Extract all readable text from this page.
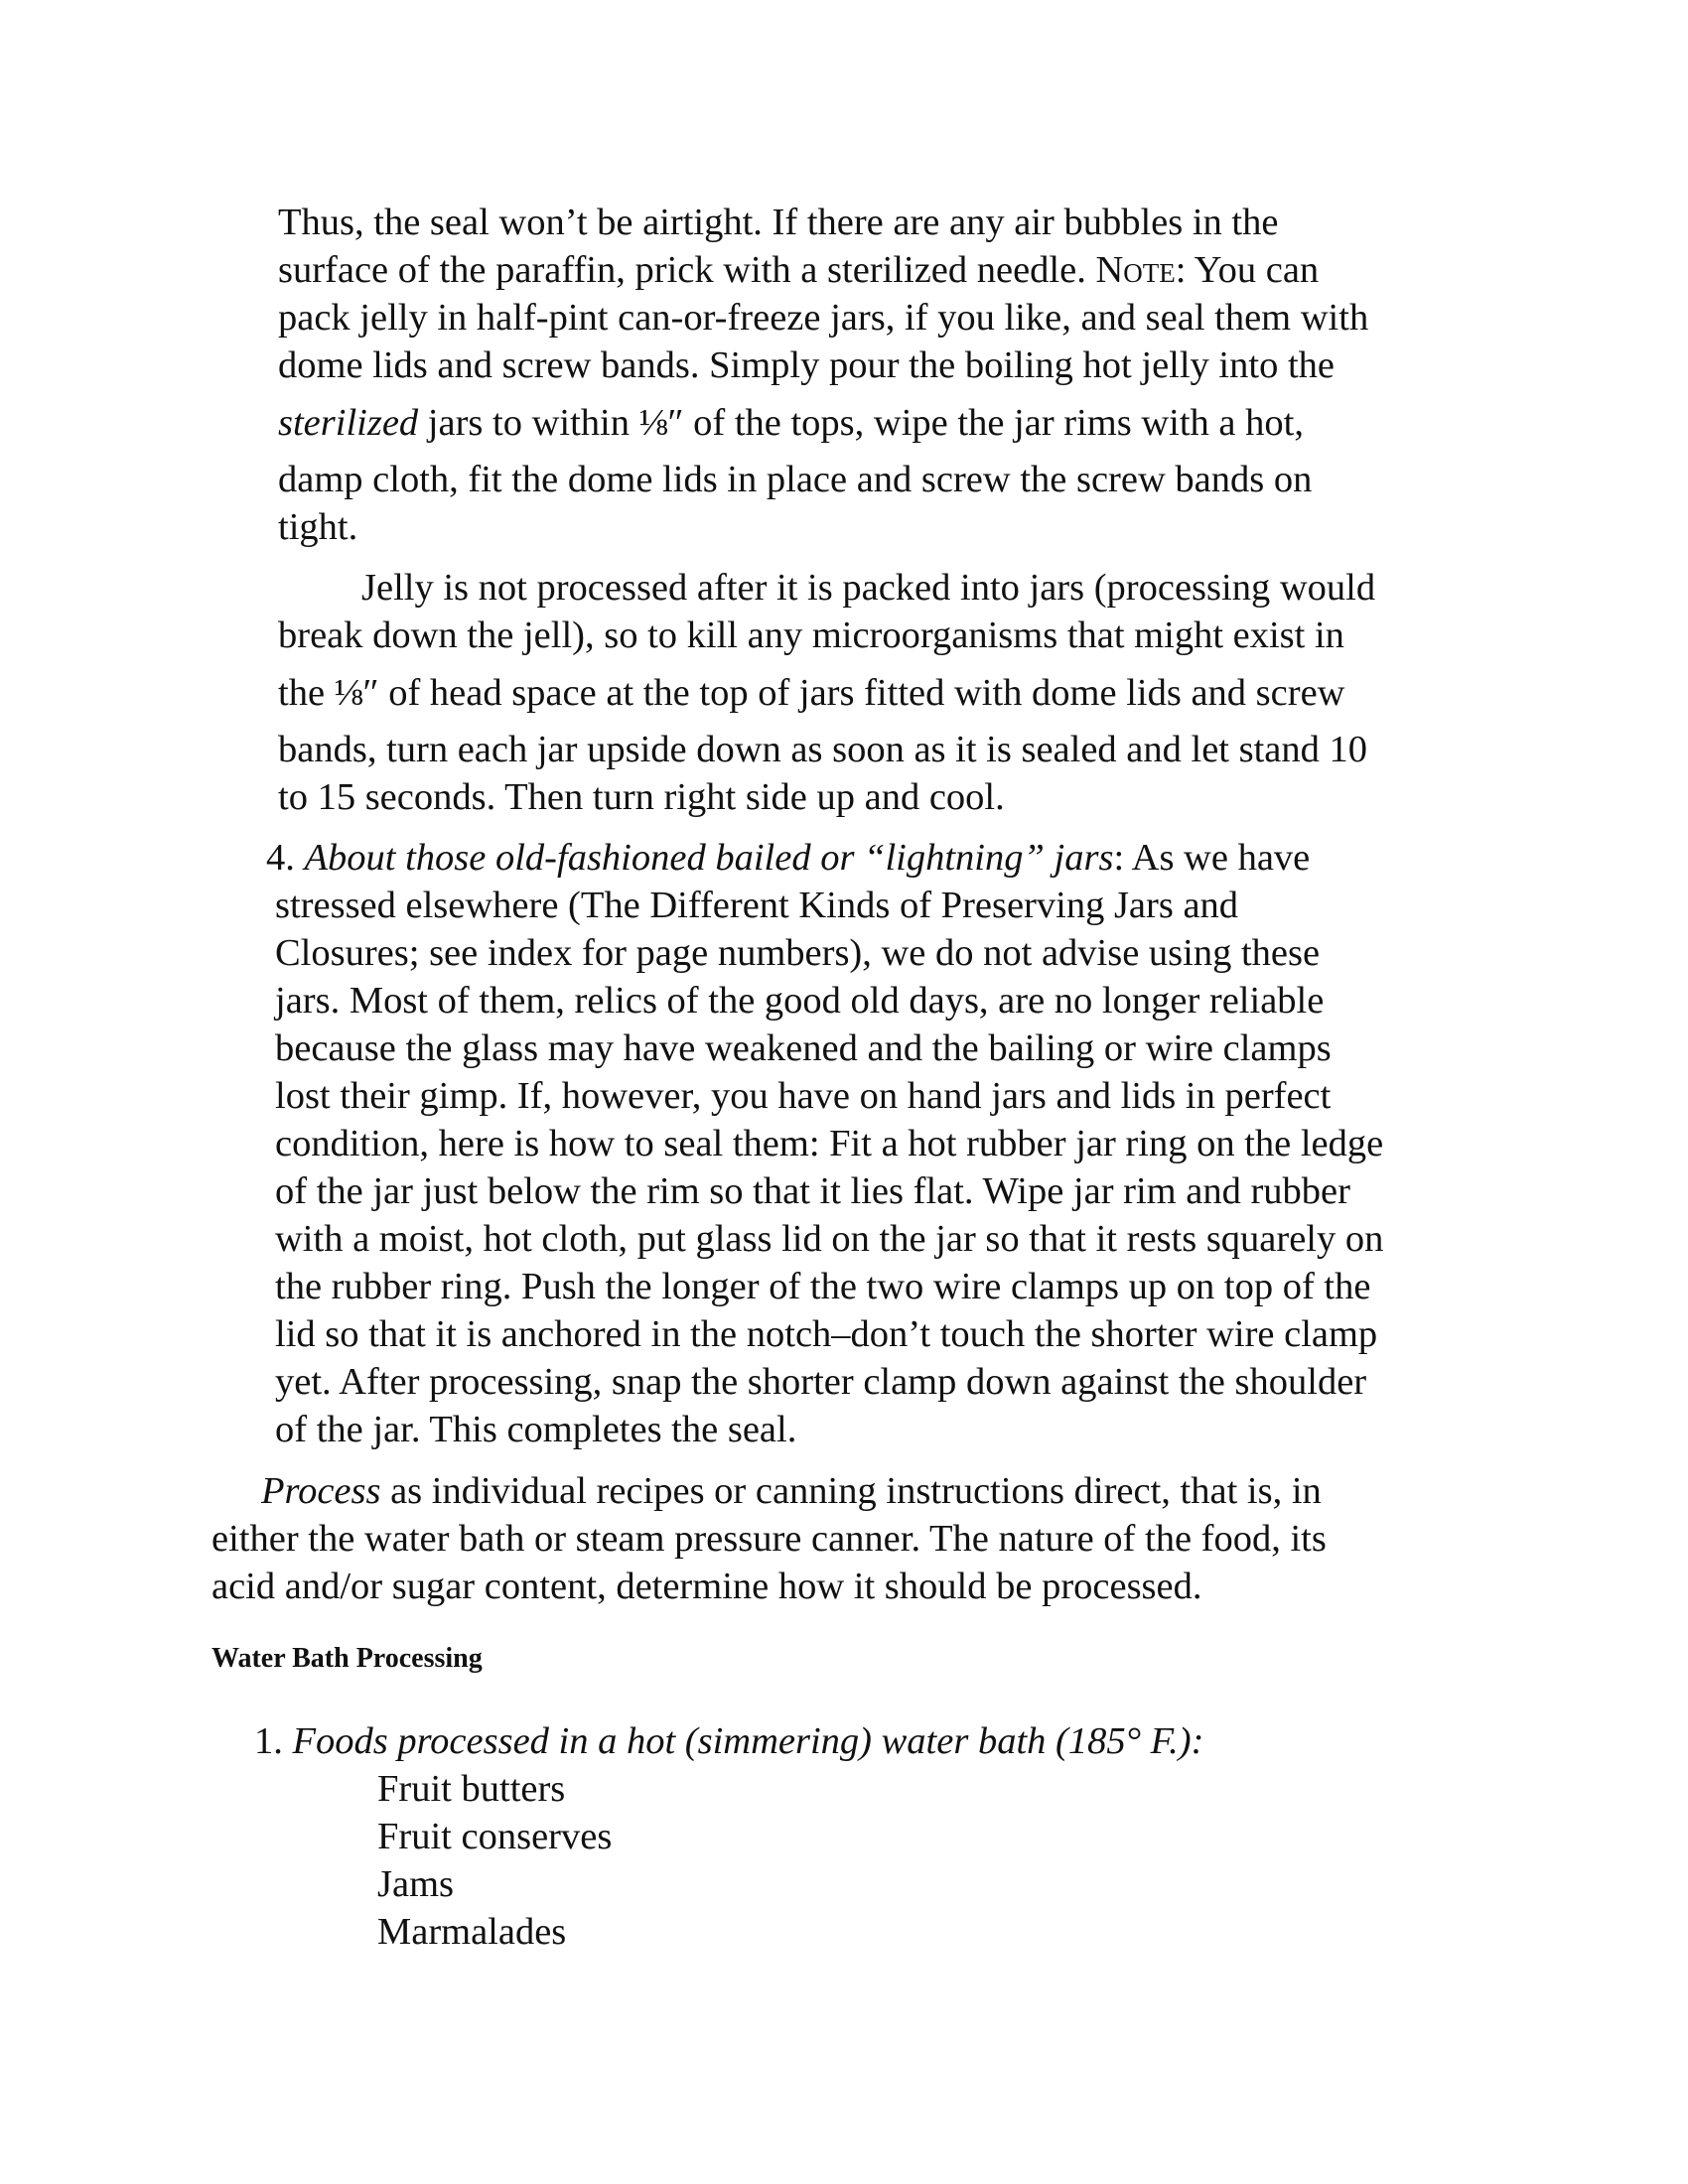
Thus, the seal won’t be airtight. If there are any air bubbles in the
surface of the paraffin, prick with a sterilized needle. Note: You can
pack jelly in half-pint can-or-freeze jars, if you like, and seal them with
dome lids and screw bands. Simply pour the boiling hot jelly into the
sterilized jars to within ⅛″ of the tops, wipe the jar rims with a hot,
damp cloth, fit the dome lids in place and screw the screw bands on
tight.

Jelly is not processed after it is packed into jars (processing would
break down the jell), so to kill any microorganisms that might exist in
the ⅛″ of head space at the top of jars fitted with dome lids and screw
bands, turn each jar upside down as soon as it is sealed and let stand 10
to 15 seconds. Then turn right side up and cool.

4. About those old-fashioned bailed or “lightning” jars: As we have
stressed elsewhere (The Different Kinds of Preserving Jars and
Closures; see index for page numbers), we do not advise using these
jars. Most of them, relics of the good old days, are no longer reliable
because the glass may have weakened and the bailing or wire clamps
lost their gimp. If, however, you have on hand jars and lids in perfect
condition, here is how to seal them: Fit a hot rubber jar ring on the ledge
of the jar just below the rim so that it lies flat. Wipe jar rim and rubber
with a moist, hot cloth, put glass lid on the jar so that it rests squarely on
the rubber ring. Push the longer of the two wire clamps up on top of the
lid so that it is anchored in the notch–don’t touch the shorter wire clamp
yet. After processing, snap the shorter clamp down against the shoulder
of the jar. This completes the seal.

Process as individual recipes or canning instructions direct, that is, in
either the water bath or steam pressure canner. The nature of the food, its
acid and/or sugar content, determine how it should be processed.

Water Bath Processing

1. Foods processed in a hot (simmering) water bath (185° F.):

Fruit butters
Fruit conserves
Jams
Marmalades
